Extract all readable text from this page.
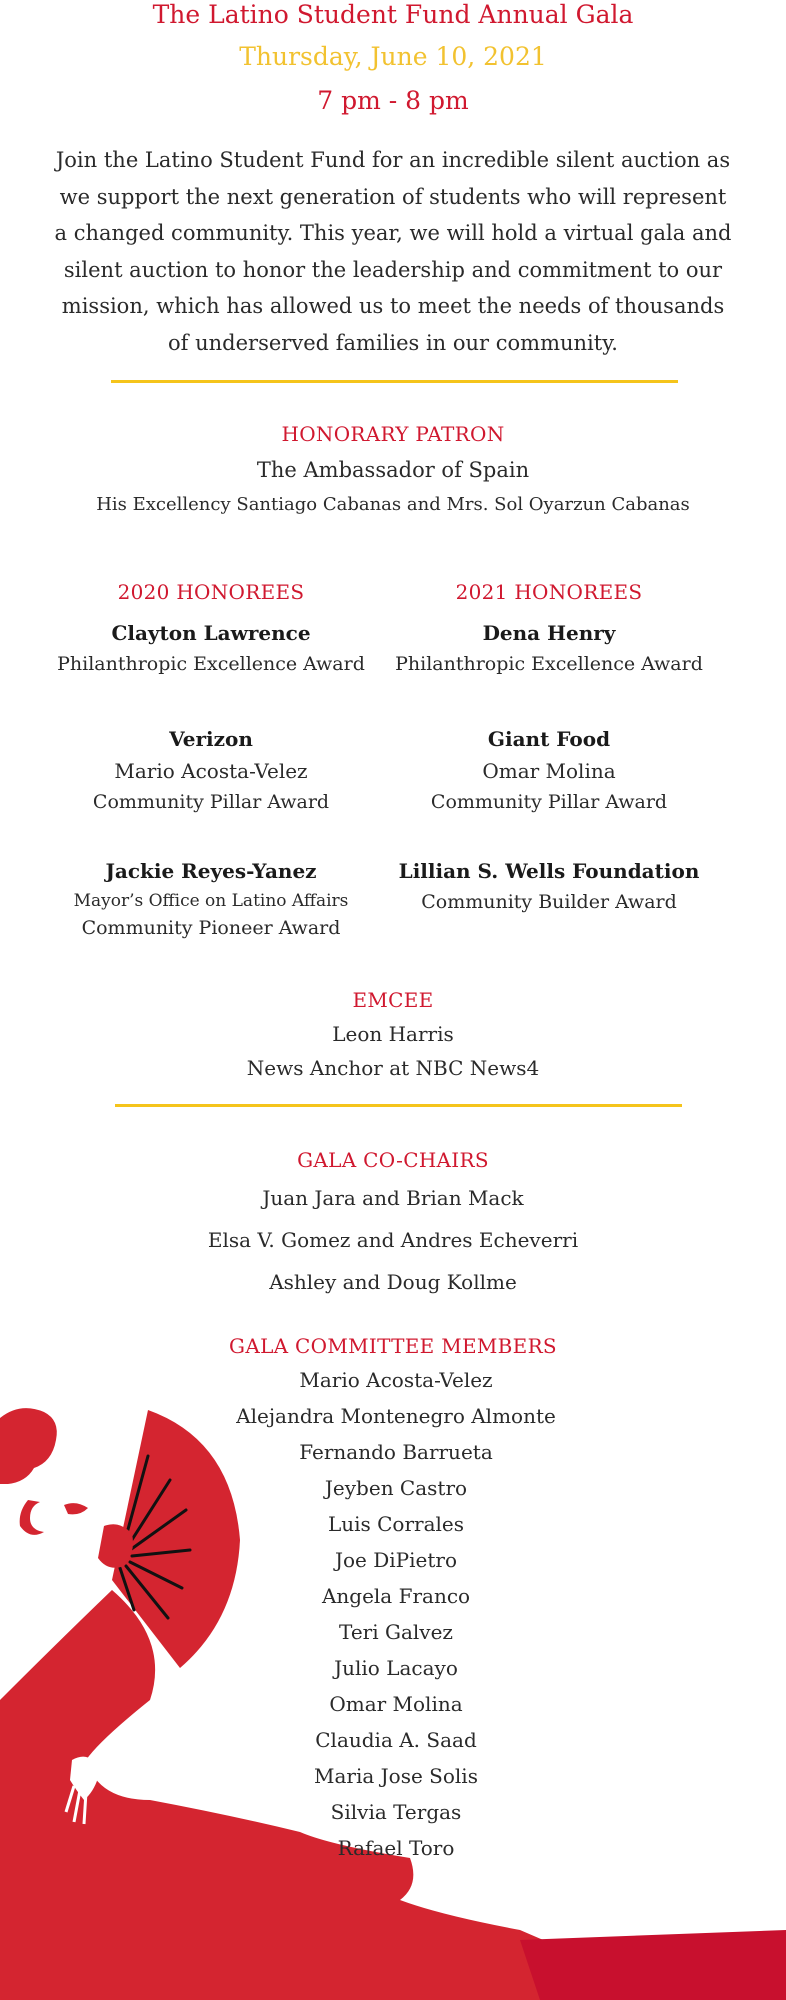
The Latino Student Fund Annual Gala
Thursday, June 10, 2021
7 pm - 8 pm
Join the Latino Student Fund for an incredible silent auction as
we support the next generation of students who will represent
a changed community. This year, we will hold a virtual gala and
silent auction to honor the leadership and commitment to our
mission, which has allowed us to meet the needs of thousands
of underserved families in our community.
HONORARY PATRON
The Ambassador of Spain
His Excellency Santiago Cabanas and Mrs. Sol Oyarzun Cabanas
2020 HONOREES
Clayton Lawrence
Philanthropic Excellence Award
Verizon
Mario Acosta-Velez
Community Pillar Award
Jackie Reyes-Yanez
Mayor’s Office on Latino Affairs
Community Pioneer Award
2021 HONOREES
Dena Henry
Philanthropic Excellence Award
Giant Food
Omar Molina
Community Pillar Award
Lillian S. Wells Foundation
Community Builder Award
EMCEE
Leon Harris
News Anchor at NBC News4
GALA CO-CHAIRS
Juan Jara and Brian Mack
Elsa V. Gomez and Andres Echeverri
Ashley and Doug Kollme
GALA COMMITTEE MEMBERS
Mario Acosta-Velez
Alejandra Montenegro Almonte
Fernando Barrueta
Jeyben Castro
Luis Corrales
Joe DiPietro
Angela Franco
Teri Galvez
Julio Lacayo
Omar Molina
Claudia A. Saad
Maria Jose Solis
Silvia Tergas
Rafael Toro
